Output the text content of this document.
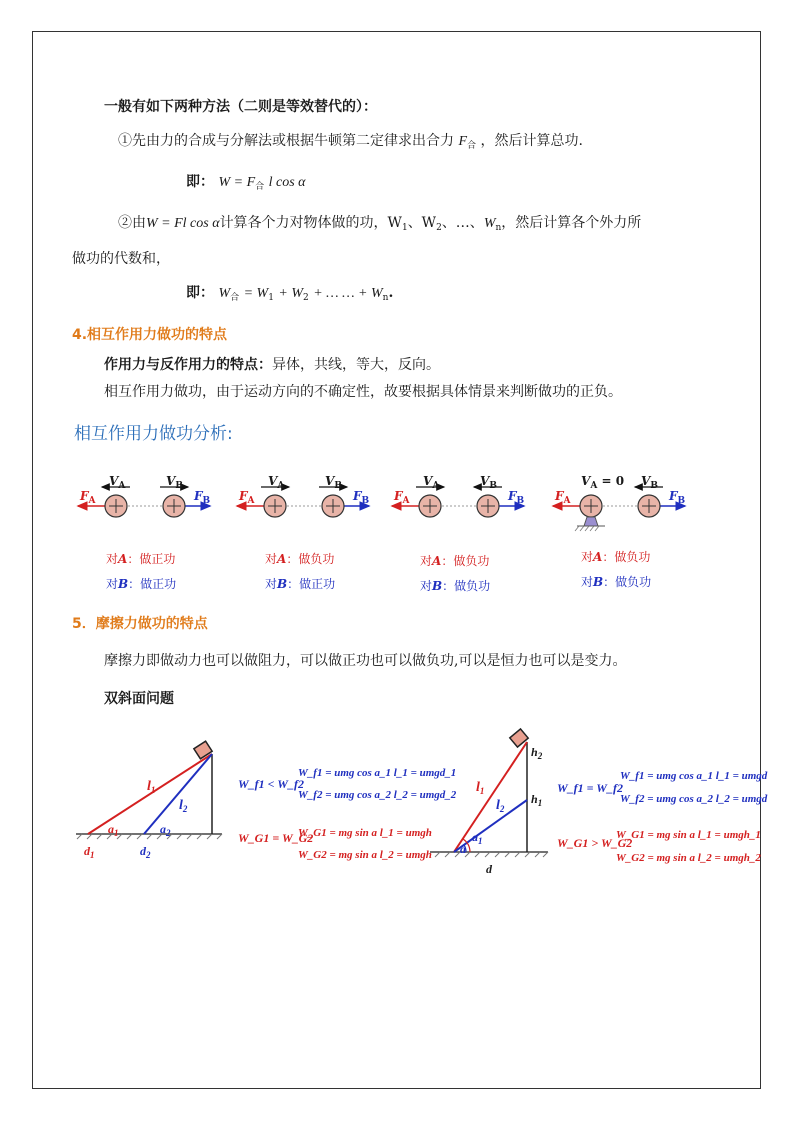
一般有如下两种方法（二则是等效替代的）：
①先由力的合成与分解法或根据牛顿第二定律求出合力 $F_合$ ，然后计算总功.
即： $W = F_合$ l cos α
②由W = Fl cos α计算各个力对物体做的功，$W_1$、$W_2$、…、$W_n$，然后计算各个外力所
做功的代数和，
即： $W_合 = W_1 + W_2$ + … … + $W_n$.
4.相互作用力做功的特点
作用力与反作用力的特点：异体，共线，等大，反向。
相互作用力做功，由于运动方向的不确定性，故要根据具体情景来判断做功的正负。
相互作用力做功分析:
$V_A$	$V_B$
$F_A$	$F_B$
对A：做正功
对B：做正功
$V_A$	$V_B$
$F_A$	$F_B$
对A：做负功
对B：做正功
$V_A$	$V_B$
$F_A$	$F_B$
对A：做负功
对B：做负功
$V_A = 0$ $V_B$
$F_A$	$F_B$
对A：做负功
对B：做负功
5．摩擦力做功的特点
摩擦力即做动力也可以做阻力，可以做正功也可以做负功,可以是恒力也可以是变力。
双斜面问题
$l_1$
$l_2$
$a_1$	$a_2$
$d_1$	$d_2$
W_f1 < W_f2
W_f1 = umg cos a_1 l_1 = umgd_1
W_f2 = umg cos a_2 l_2 = umgd_2
W_G1 = W_G2
W_G1 = mg sin a l_1 = umgh
W_G2 = mg sin a l_2 = umgh
$h_2$
$h_1$
$l_1$
$l_2$
$a_1$
a
d
W_f1 = W_f2
W_f1 = umg cos a_1 l_1 = umgd
W_f2 = umg cos a_2 l_2 = umgd
W_G1 > W_G2
W_G1 = mg sin a l_1 = umgh_1
W_G2 = mg sin a l_2 = umgh_2
